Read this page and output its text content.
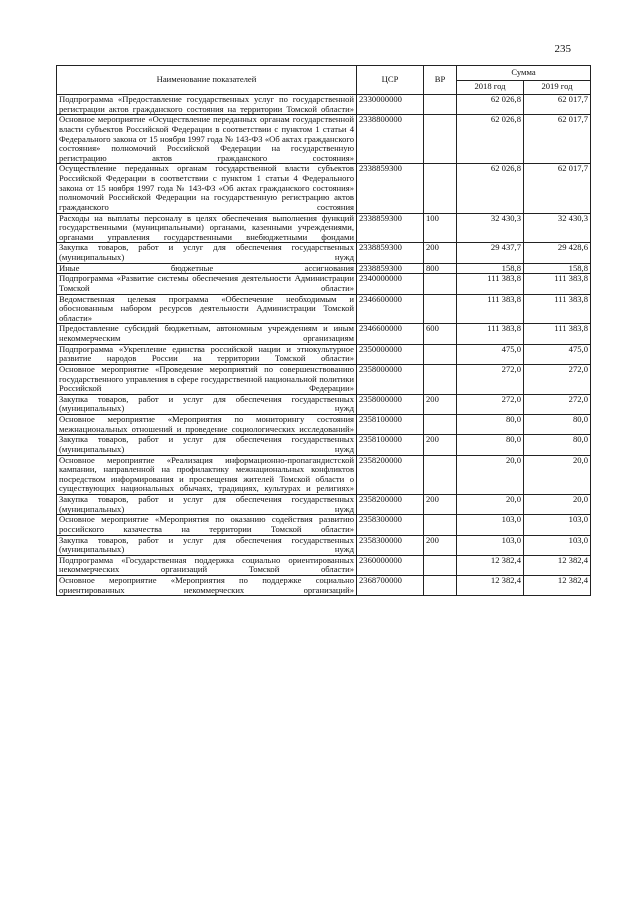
235
Наименование показателей	ЦСР	ВР	Сумма	
			2018 год	2019 год
Подпрограмма «Предоставление государственных услуг по государственной регистрации актов гражданского состояния на территории Томской области»	2330000000		62 026,8	62 017,7
Основное мероприятие «Осуществление переданных органам государственной власти субъектов Российской Федерации в соответствии с пунктом 1 статьи 4 Федерального закона от 15 ноября 1997 года № 143-ФЗ «Об актах гражданского состояния» полномочий Российской Федерации на государственную регистрацию актов гражданского состояния»	2338800000		62 026,8	62 017,7
Осуществление переданных органам государственной власти субъектов Российской Федерации в соответствии с пунктом 1 статьи 4 Федерального закона от 15 ноября 1997 года № 143-ФЗ «Об актах гражданского состояния» полномочий Российской Федерации на государственную регистрацию актов гражданского состояния	2338859300		62 026,8	62 017,7
Расходы на выплаты персоналу в целях обеспечения выполнения функций государственными (муниципальными) органами, казенными учреждениями, органами управления государственными внебюджетными фондами	2338859300	100	32 430,3	32 430,3
Закупка товаров, работ и услуг для обеспечения государственных (муниципальных) нужд	2338859300	200	29 437,7	29 428,6
Иные бюджетные ассигнования	2338859300	800	158,8	158,8
Подпрограмма «Развитие системы обеспечения деятельности Администрации Томской области»	2340000000		111 383,8	111 383,8
Ведомственная целевая программа «Обеспечение необходимым и обоснованным набором ресурсов деятельности Администрации Томской области»	2346600000		111 383,8	111 383,8
Предоставление субсидий бюджетным, автономным учреждениям и иным некоммерческим организациям	2346600000	600	111 383,8	111 383,8
Подпрограмма «Укрепление единства российской нации и этнокультурное развитие народов России на территории Томской области»	2350000000		475,0	475,0
Основное мероприятие «Проведение мероприятий по совершенствованию государственного управления в сфере государственной национальной политики Российской Федерации»	2358000000		272,0	272,0
Закупка товаров, работ и услуг для обеспечения государственных (муниципальных) нужд	2358000000	200	272,0	272,0
Основное мероприятие «Мероприятия по мониторингу состояния межнациональных отношений и проведение социологических исследований»	2358100000		80,0	80,0
Закупка товаров, работ и услуг для обеспечения государственных (муниципальных) нужд	2358100000	200	80,0	80,0
Основное мероприятие «Реализация информационно-пропагандистской кампании, направленной на профилактику межнациональных конфликтов посредством информирования и просвещения жителей Томской области о существующих национальных обычаях, традициях, культурах и религиях»	2358200000		20,0	20,0
Закупка товаров, работ и услуг для обеспечения государственных (муниципальных) нужд	2358200000	200	20,0	20,0
Основное мероприятие «Мероприятия по оказанию содействия развитию российского казачества на территории Томской области»	2358300000		103,0	103,0
Закупка товаров, работ и услуг для обеспечения государственных (муниципальных) нужд	2358300000	200	103,0	103,0
Подпрограмма «Государственная поддержка социально ориентированных некоммерческих организаций Томской области»	2360000000		12 382,4	12 382,4
Основное мероприятие «Мероприятия по поддержке социально ориентированных некоммерческих организаций»	2368700000		12 382,4	12 382,4
